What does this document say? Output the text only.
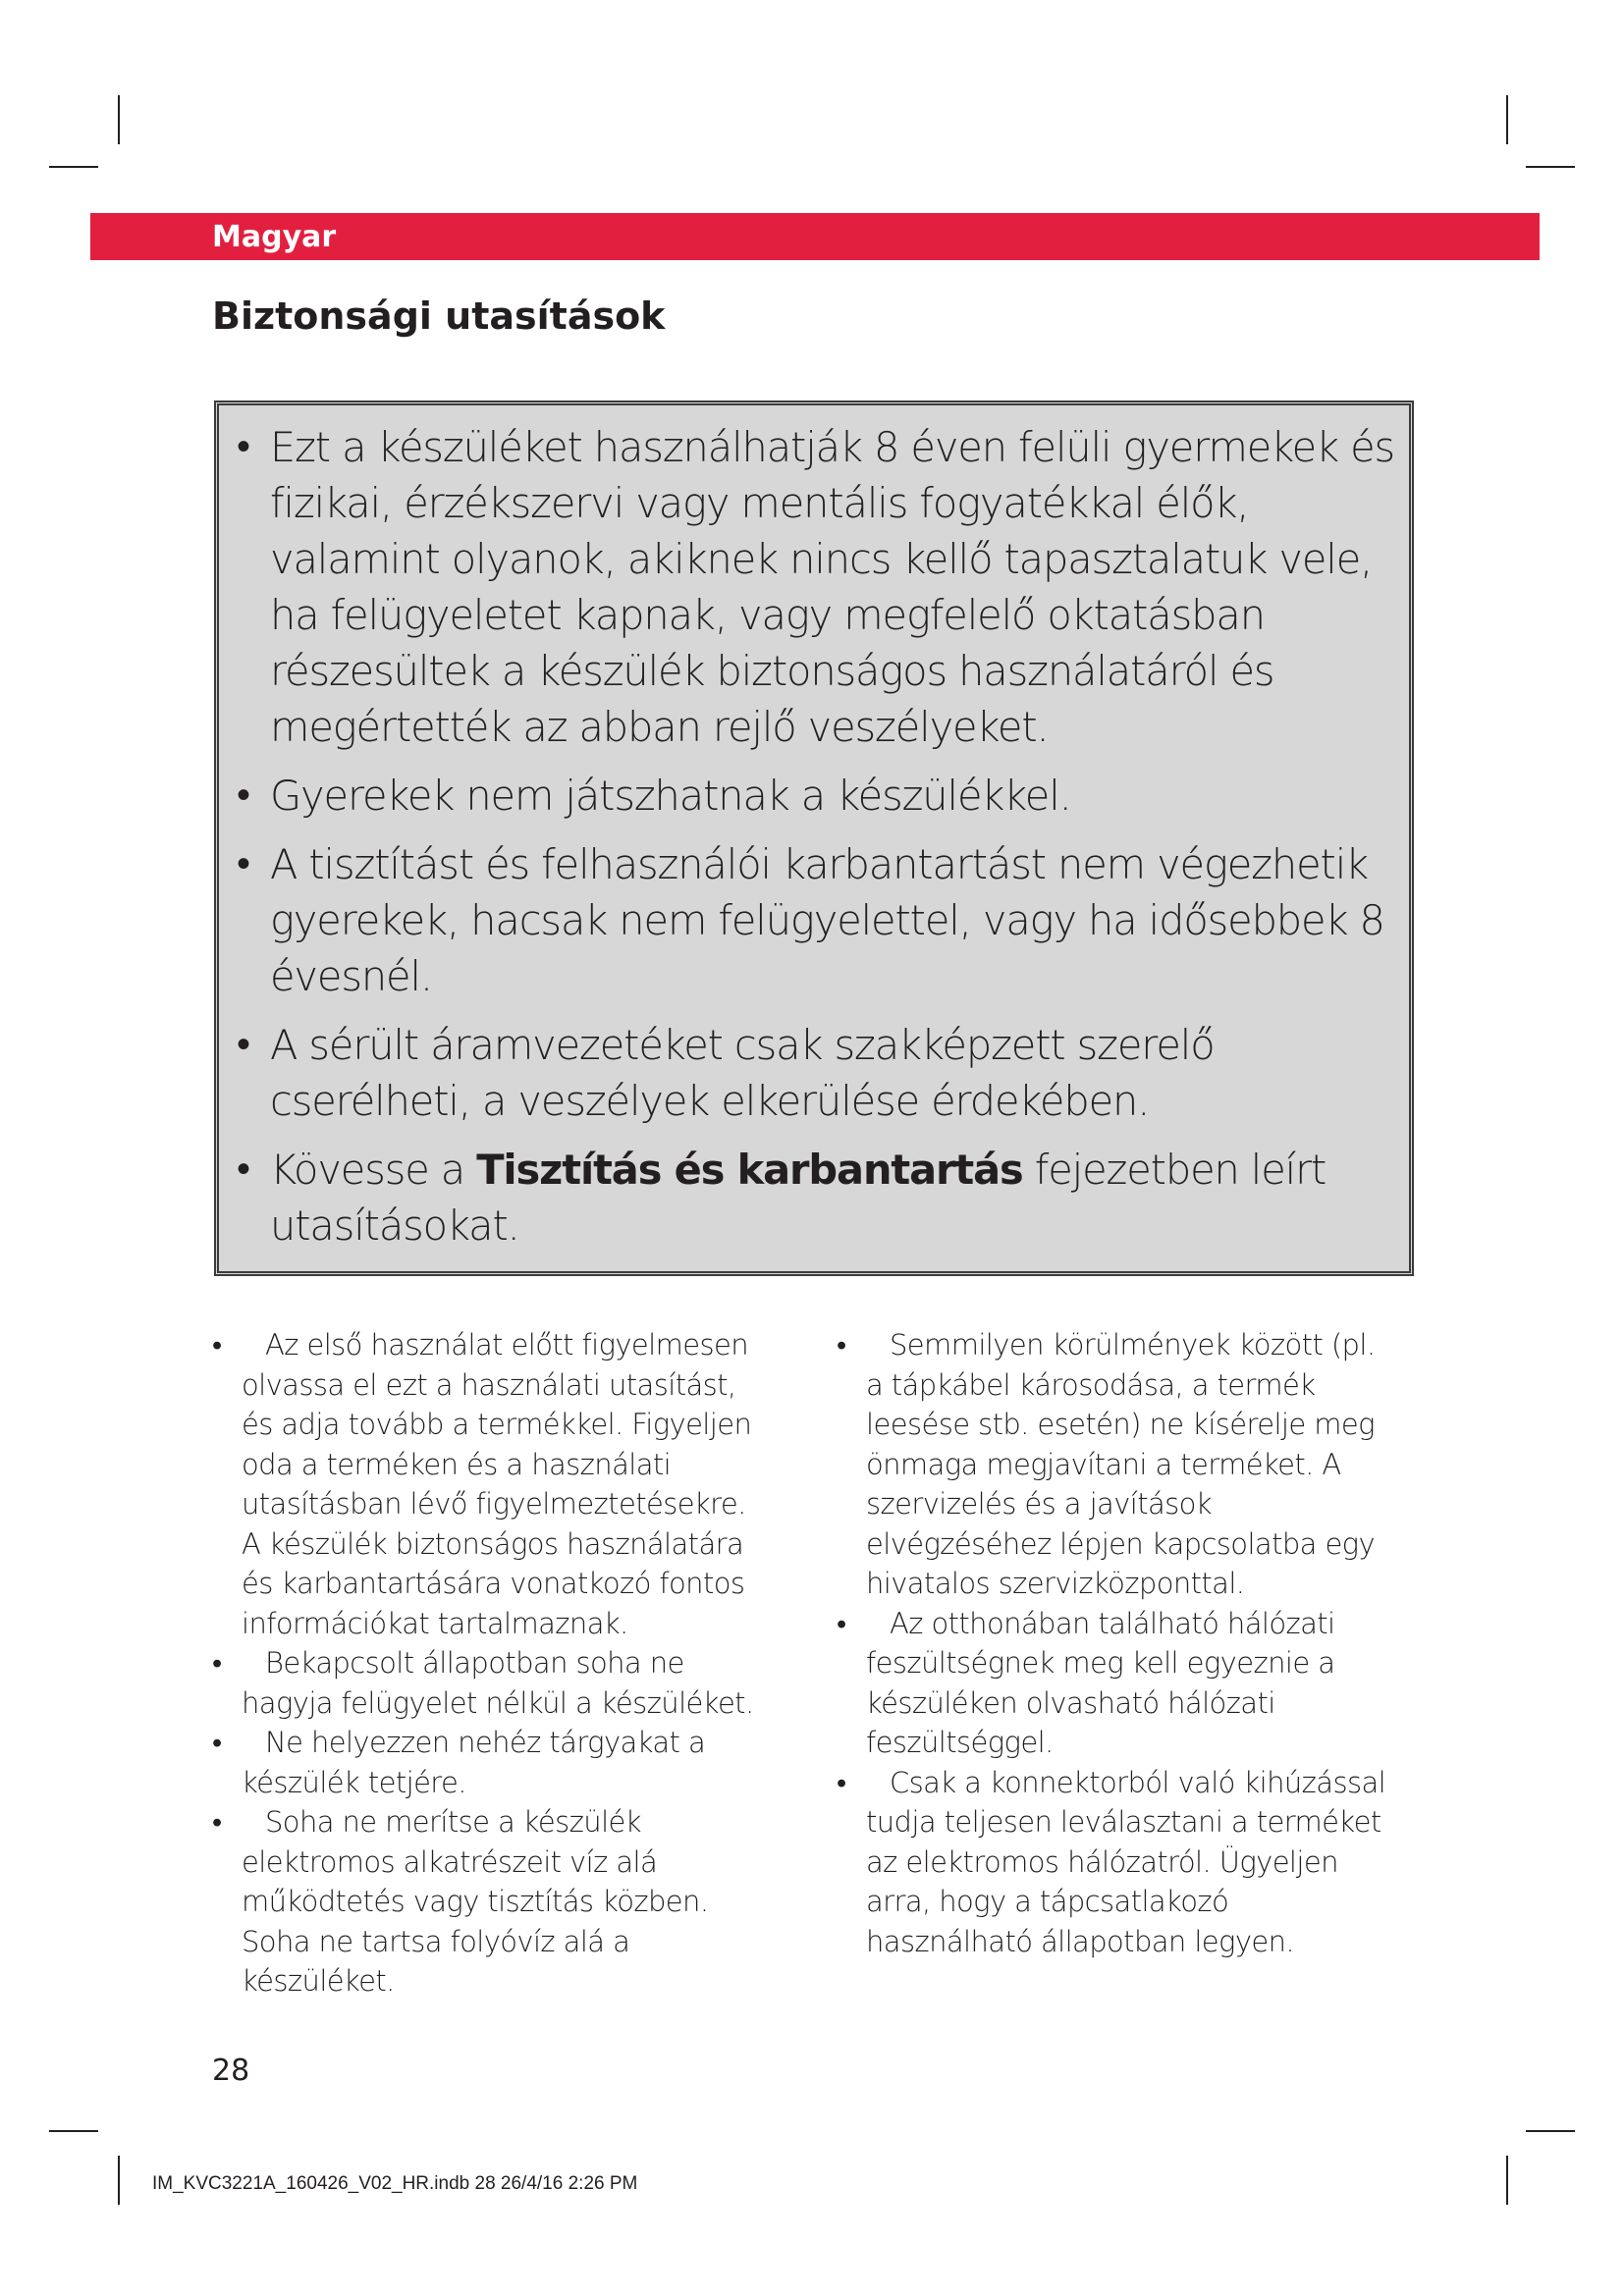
Magyar
Biztonsági utasítások
• Ezt a készüléket használhatják 8 éven felüli gyermekek és fizikai, érzékszervi vagy mentális fogyatékkal élők, valamint olyanok, akiknek nincs kellő tapasztalatuk vele, ha felügyeletet kapnak, vagy megfelelő oktatásban részesültek a készülék biztonságos használatáról és megértették az abban rejlő veszélyeket.
• Gyerekek nem játszhatnak a készülékkel.
• A tisztítást és felhasználói karbantartást nem végezhetik gyerekek, hacsak nem felügyelettel, vagy ha idősebbek 8 évesnél.
• A sérült áramvezetéket csak szakképzett szerelő cserélheti, a veszélyek elkerülése érdekében.
• Kövesse a Tisztítás és karbantartás fejezetben leírt utasításokat.
• Az első használat előtt figyelmesen olvassa el ezt a használati utasítást, és adja tovább a termékkel. Figyeljen oda a terméken és a használati utasításban lévő figyelmeztetésekre. A készülék biztonságos használatára és karbantartására vonatkozó fontos információkat tartalmaznak.
• Bekapcsolt állapotban soha ne hagyja felügyelet nélkül a készüléket.
• Ne helyezzen nehéz tárgyakat a készülék tetjére.
• Soha ne merítse a készülék elektromos alkatrészeit víz alá működtetés vagy tisztítás közben. Soha ne tartsa folyóvíz alá a készüléket.
• Semmilyen körülmények között (pl. a tápkábel károsodása, a termék leesése stb. esetén) ne kísérelje meg önmaga megjavítani a terméket. A szervizelés és a javítások elvégzéséhez lépjen kapcsolatba egy hivatalos szervizközponttal.
• Az otthonában található hálózati feszültségnek meg kell egyeznie a készüléken olvasható hálózati feszültséggel.
• Csak a konnektorból való kihúzással tudja teljesen leválasztani a terméket az elektromos hálózatról. Ügyeljen arra, hogy a tápcsatlakozó használható állapotban legyen.
28
IM_KVC3221A_160426_V02_HR.indb 28 26/4/16 2:26 PM
